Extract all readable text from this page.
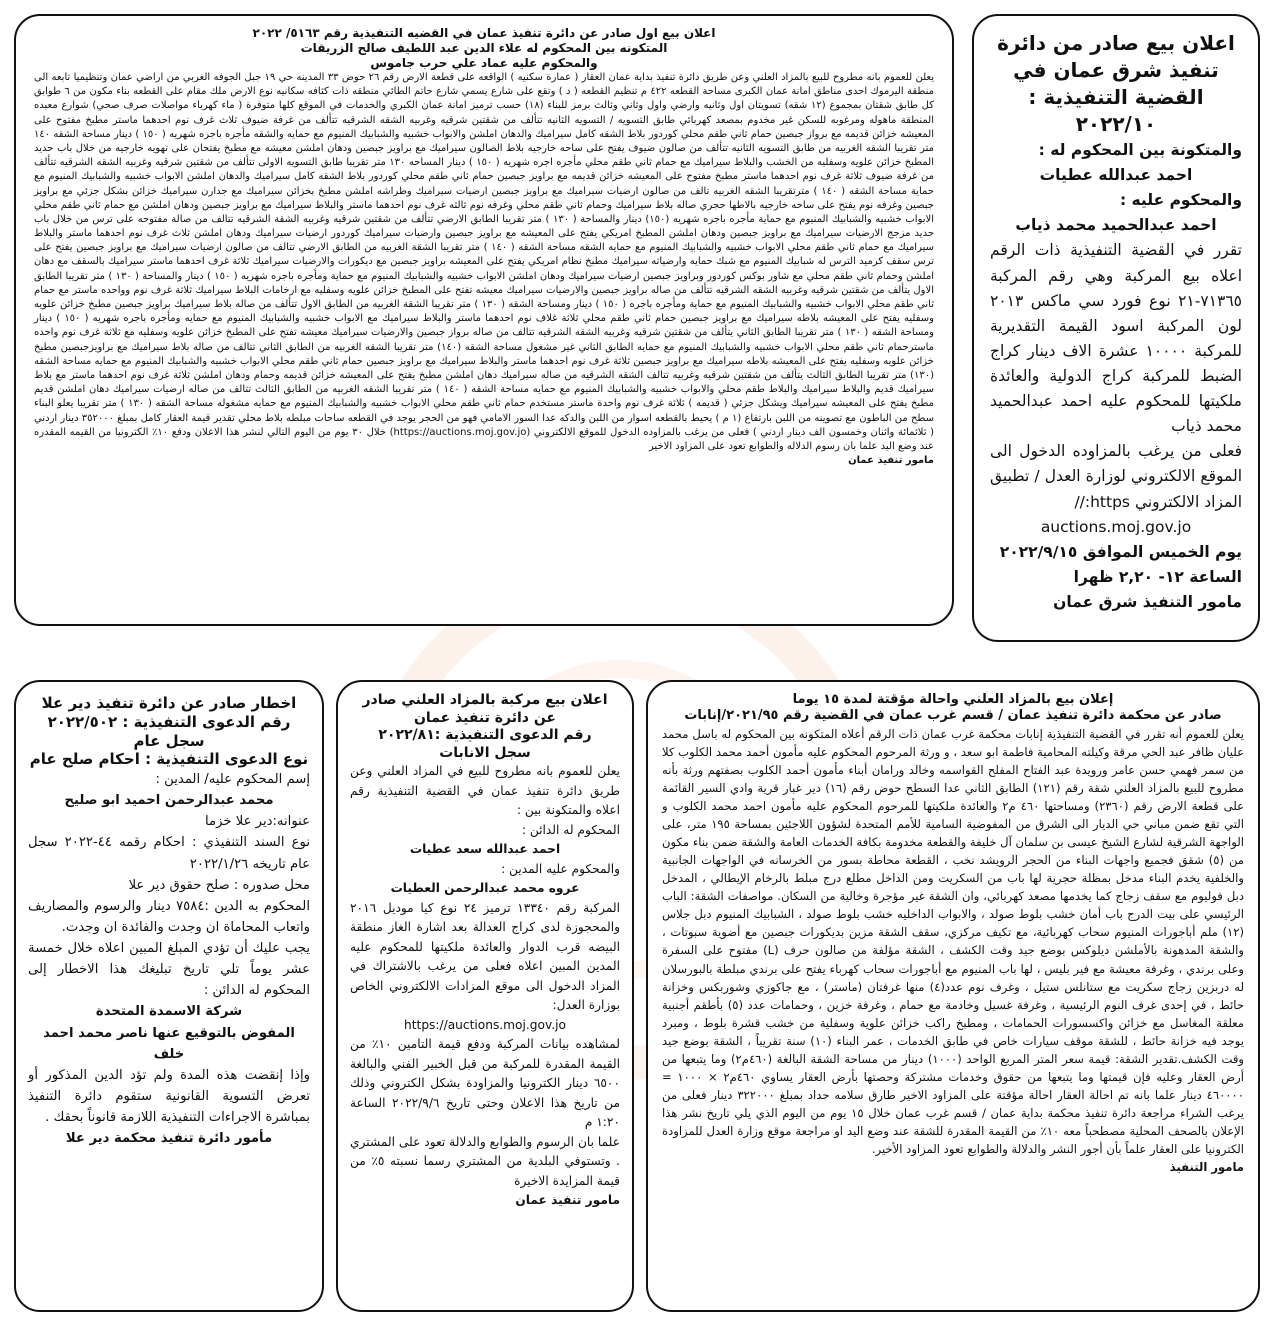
اعلان بيع اول صادر عن دائرة تنفيذ عمان في القضيه التنفيذية رقم ٥١٦٣/ ٢٠٢٢

المتكونه بين المحكوم له علاء الدين عبد اللطيف صالح الزريقات

والمحكوم عليه عماد علي حرب جاموس

يعلن للعموم بانه مطروح للبيع بالمزاد العلني وعن طريق دائرة تنفيذ بداية عمان العقار ( عمارة سكنيه ) الواقعه على قطعة الارض رقم ٢٦ حوض ٣٣ المدينه حي ١٩ جبل الجوفه الغربي من اراضي عمان وتنظيميا تابعه الى منطقة اليرموك احدى مناطق امانة عمان الكبرى مساحة القطعه ٤٢٢ م تنظيم القطعه ( د ) وتقع على شارع يسمي شارع حاتم الطائي منطقه ذات كثافه سكانيه نوع الارض ملك مقام على القطعه بناء مكون من ٦ طوابق كل طابق شقتان بمجموع (١٢ شقه) تسويتان اول وثانيه وارضي واول وثاني وثالث برمز للبناء (١٨) حسب ترميز امانة عمان الكبري والخدمات في الموقع كلها متوفرة ( ماء كهرباء مواصلات صرف صحي) شوارع معبده المنطقة ماهوله ومرغوبه للسكن غير مخدوم بمصعد كهربائي طابق التسويه / التسويه الثانيه تتألف من شقتين شرقيه وغربيه الشقه الشرقيه تتألف من غرفة ضيوف ثلاث غرف نوم احدهما ماستر مطبخ مفتوح على المعيشه خزائن قديمه مع برواز جبصين حمام ثاني طقم محلي كوردور بلاط الشقه كامل سيراميك والدهان املشن والابواب خشبيه والشبابيك المنيوم مع حمايه والشقه مأجره باجره شهريه ( ١٥٠ ) دينار مساحة الشقه ١٤٠ متر تقريبا الشقه الغربيه من طابق التسويه الثانيه تتألف من صالون ضيوف يفتح على ساحه خارجيه بلاط الصالون سيراميك مع براويز جبصين ودهان املشن معيشه مع مطبخ يفتحان على تهويه خارجيه من خلال باب حديد المطبخ خزائن علويه وسفليه من الخشب والبلاط سيراميك مع حمام ثاني طقم محلي مأجره اجره شهريه ( ١٥٠ ) دينار المساحه ١٣٠ متر تقريبا طابق التسويه الاولى تتألف من شقتين شرقيه وغربيه الشقه الشرقيه تتألف من غرفة ضيوف ثلاثة غرف نوم احدهما ماستر مطبخ مفتوح على المعيشه خزائن قديمه مع براويز جبصين حمام ثاني طقم محلي كوردور بلاط الشقه كامل سيراميك والدهان املشن الابواب خشبيه والشبابيك المنيوم مع حماية مساحة الشقه ( ١٤٠ ) مترتقريبا الشقه الغربيه تالف من صالون ارضيات سيراميك مع براويز جبصين ارضيات سيراميك وطراشه املشن مطبخ بخزائن سيراميك مع جدارن سيراميك خزائن بشكل جزئي مع براويز جبصين وغرفه نوم يفتح على ساحه خارجيه بالاطها حجري صاله بلاط سيراميك وحمام ثاني طقم محلي وغرفه نوم ثالثه غرف نوم احدهما ماستر والبلاط سيراميك مع براويز جبصين ودهان املشن مع حمام ثاني طقم محلي الابواب خشبيه والشبابيك المنيوم مع حماية مأجره باجره شهريه (١٥٠) دينار والمساحة ( ١٣٠ ) متر تقريبا الطابق الارضي تتألف من شقتين شرقيه وغربيه الشقة الشرقيه تتالف من صالة مفتوحه على ترس من خلال باب حديد مزجج الارضيات سيراميك مع براويز جبصين ودهان املشن المطبخ امريكي يفتح على المعيشه مع براويز جبصين وارضيات سيراميك كوردور ارضيات سيراميك ودهان املشن ثلاث غرف نوم احدهما ماستر والبلاط سيراميك مع حمام ثاني طقم محلي الابواب خشبيه والشبابيك المنيوم مع حمايه الشقه مساحة الشقه ( ١٤٠ ) متر تقريبا الشقة الغربيه من الطابق الارضي تتالف من صالون ارضيات سيراميك مع براويز جبصين يفتح على ترس سقف كرميد الترس له شبابيك المنيوم مع شبك حمايه وارضياته سيراميك مطبخ نظام امريكي يفتح على المعيشه براويز جبصين مع ديكورات والارضيات سيراميك ثلاثة غرف احدهما ماستر سيراميك بالسقف مع دهان املشن وحمام ثاني طقم محلي مع شاور بوكس كوردور وبراويز جبصين ارضيات سيراميك ودهان املشن الابواب خشبيه والشبابيك المنيوم مع حماية ومأجره باجره شهريه ( ١٥٠ ) دينار والمساحة ( ١٣٠ ) متر تقريبا الطابق الاول يتألف من شقتين شرقيه وغربيه الشقه الشرقيه تتألف من صاله براويز جبصين والارضيات سيراميك معيشه تفتح على المطبخ خزائن علويه وسفليه مع ارخامات البلاط سيراميك ثلاثة غرف نوم وواحده ماستر مع حمام ثاني طقم محلي الابواب خشبيه والشبابيك المنيوم مع حماية ومأجره باجره ( ١٥٠ ) دينار ومساحة الشقه ( ١٣٠ ) متر تقريبا الشقة الغربيه من الطابق الاول تتألف من صاله بلاط سيراميك براويز جبصين مطبخ خزائن علويه وسفليه يفتح على المعيشه بلاطه سيراميك مع براويز جبصين حمام ثاني طقم محلي ثلاثة غلاف نوم احدهما ماستر والبلاط سيراميك مع الابواب خشبيه والشبابيك المنيوم مع حمايه ومأجره باجره شهريه ( ١٥٠ ) دينار ومساحة الشقه ( ١٣٠ ) متر تقريبا الطابق الثاني يتألف من شقتين شرقيه وغربيه الشقه الشرقيه تتالف من صاله برواز جبصين والارضيات سيراميك معيشه تفتح على المطبخ خزائن علويه وسفليه مع ثلاثة غرف نوم واحده ماسترحمام ثاني طقم محلي الابواب خشبيه والشبابيك المنيوم مع حمايه الطابق الثاني غير مشغول مساحة الشقه (١٤٠) متر تقريبا الشقه الغربيه من الطابق الثاني تتالف من صاله بلاط سيراميك مع براويزجبصين مطبخ خزائن علويه وسفليه يفتح على المعيشه بلاطه سيراميك مع براويز جبصين ثلاثة غرف نوم احدهما ماستر والبلاط سيراميك مع براويز جبصين حمام ثاني طقم محلي الابواب خشبيه والشبابيك المنيوم مع حمايه مساحة الشقه (١٣٠) متر تقريبا الطابق الثالث يتألف من شقتين شرقيه وغربيه تتالف الشقه الشرقيه من صاله سيراميك دهان املشن مطبخ يفتح على المعيشه خزائن قديمه وحمام ودهان املشن ثلاثة غرف نوم احدهما ماستر مع بلاط سيراميك قديم والبلاط سيراميك والبلاط طقم محلي والابواب خشبيه والشبابيك المنيوم مع حمايه مساحة الشقه ( ١٤٠ ) متر تقريبا الشقه الغربيه من الطابق الثالث تتالف من صاله ارضيات سيراميك دهان املشن قديم مطبخ يفتح على المعيشه سيراميك ويشكل جزئي ( قديمه ) ثلاثة غرف نوم واحدة ماستر مستخدم حمام ثاني طقم محلي الابواب خشبيه والشبابيك المنيوم مع حمايه مشغوله مساحة الشقه ( ١٣٠ ) متر تقريبا يعلو البناء سطح من الباطون مع تصوينه من اللبن بارتفاع (١ م ) يحيط بالقطعه اسوار من اللبن والدكه عدا السور الامامي فهو من الحجر يوجد في القطعه ساحات مبلطه بلاط محلي تقدير قيمة العقار كامل بمبلغ ٣٥٢٠٠٠ دينار اردني ( ثلاثمائة واثنان وخمسون الف دينار اردني ) فعلى من يرغب بالمزاوده الدخول للموقع الالكتروني (https://auctions.moj.gov.jo) خلال ٣٠ يوم من اليوم التالي لنشر هذا الاعلان ودفع ١٠٪ الكترونيا من القيمه المقدره عند وضع اليد علما بان رسوم الدلاله والطوابع تعود على المزاود الاخير

مامور تنفيذ عمان

اعلان بيع صادر من دائرة تنفيذ شرق عمان في القضية التنفيذية : ٢٠٢٢/١٠

والمتكونة بين المحكوم له :

احمد عبدالله عطيات

والمحكوم عليه :

احمد عبدالحميد محمد ذياب

تقرر في القضية التنفيذية ذات الرقم اعلاه بيع المركبة وهي رقم المركبة ٧١٣٦٥-٢١ نوع فورد سي ماكس ٢٠١٣ لون المركبة اسود القيمة التقديرية للمركبة ١٠٠٠٠ عشرة الاف دينار كراج الضبط للمركبة كراج الدولية والعائدة ملكيتها للمحكوم عليه احمد عبدالحميد محمد ذياب

فعلى من يرغب بالمزاوده الدخول الى الموقع الالكتروني لوزارة العدل / تطبيق المزاد الالكتروني https://

auctions.moj.gov.jo

يوم الخميس الموافق ٢٠٢٢/٩/١٥

الساعة ١٢- ٢,٢٠ ظهرا

مامور التنفيذ شرق عمان

إعلان بيع بالمزاد العلني واحالة مؤقتة لمدة ١٥ يوما

صادر عن محكمة دائرة تنفيذ عمان / قسم غرب عمان في القضية رقم ٢٠٢١/٩٥/إنابات

يعلن للعموم أنه تقرر في القضية التنفيذية إنابات محكمة غرب عمان ذات الرقم أعلاه المتكونه بين المحكوم له باسل محمد عليان ظافر عبد الحي مرقة وكيلته المحامية فاطمة ابو سعد ، و ورثة المرحوم المحكوم عليه مأمون أحمد محمد الكلوب كلا من سمر فهمي حسن عامر ورويدة عبد الفتاح المفلح القواسمه وخالد ورامان أبناء مأمون أحمد الكلوب بصفتهم ورثة بأنه مطروح للبيع بالمزاد العلني شقة رقم (١٢١) الطابق الثاني عدا السطح حوض رقم (١٦) دير غبار قرية وادي السير القائمة على قطعة الارض رقم (٢٣٦٠) ومساحتها ٤٦٠ م٢ والعائدة ملكيتها للمرحوم المحكوم عليه مأمون احمد محمد الكلوب و التي تقع ضمن مباني حي الديار الى الشرق من المفوضية السامية للأمم المتحدة لشؤون اللاجئين بمساحة ١٩٥ متر، على الواجهة الشرقية لشارع الشيخ عيسى بن سلمان آل خليفة والقطعة مخدومة بكافة الخدمات العامة والشقة ضمن بناء مكون من (٥) شقق فجميع واجهات البناء من الحجر الرويشد نخب ، القطعة محاطة بسور من الخرسانه في الواجهات الجانبية والخلفية يخدم البناء مدخل بمظلة حجرية لها باب من السكريت ومن الداخل مطلع درج مبلط بالرخام الإيطالي ، المدخل دبل فوليوم مع سقف زجاج كما يخدمها مصعد كهربائي، وان الشقة غير مؤجرة وخالية من السكان. مواصفات الشقة: الباب الرئيسي على بيت الدرج باب أمان خشب بلوط صولد ، والابواب الداخليه خشب بلوط صولد ، الشبابيك المنيوم دبل جلاس (١٢) ملم أباجورات المنيوم سحاب كهربائية، مع تكيف مركزي، سقف الشقة مزين بديكورات جبصين مع أضوية سبوتات ، والشقة المدهونة بالأملشن ديلوكس بوضع جيد وقت الكشف ، الشقة مؤلفة من صالون حرف (L) مفتوح على السفرة وعلى برندي ، وغرفة معيشة مع فير بليس ، لها باب المنيوم مع أباجورات سحاب كهرباء يفتح على برندي مبلطة بالبورسلان له دربزين زجاج سكريت مع ستانلس ستيل ، وغرف نوم عدد(٤) منها غرفتان (ماستر) ، مع جاكوزي وشوربكس وخزانة حائط ، في إحدى غرف النوم الرئيسية ، وغرفة غسيل وخادمة مع حمام ، وغرفة خزين ، وحمامات عدد (٥) بأطقم أجنبية معلقة المغاسل مع خزائن واكسسورات الحمامات ، ومطبخ راكب خزائن علوية وسفلية من خشب قشرة بلوط ، ومبرد يوجد فيه خزانة حائط ، للشقة موقف سيارات خاص في طابق الخدمات ، عمر البناء (١٠) سنة تقريباً ، الشقة بوضع جيد وقت الكشف.تقدير الشقة: قيمة سعر المتر المربع الواحد (١٠٠٠) دينار من مساحة الشقة البالغة (٤٦٠م٢) وما يتبعها من أرض العقار وعليه فإن قيمتها وما يتبعها من حقوق وخدمات مشتركة وحصتها بأرض العقار يساوي ٤٦٠م٢ × ١٠٠٠ = ٤٦٠٠٠٠ دينار علما بانه تم احالة العقار احالة مؤقتة على المزاود الاخير طارق سلامه حداد بمبلغ ٣٢٢٠٠٠ دينار فعلى من يرغب الشراء مراجعة دائرة تنفيذ محكمة بداية عمان / قسم غرب عمان خلال ١٥ يوم من اليوم الذي يلي تاريخ نشر هذا الإعلان بالصحف المحلية مصطحباً معه ١٠٪ من القيمة المقدرة للشقة عند وضع اليد او مراجعة موقع وزارة العدل للمزاودة الكترونيا على العقار علماً بأن أجور النشر والدلالة والطوابع تعود المزاود الأخير.

مامور التنفيذ

اعلان بيع مركبة بالمزاد العلني صادر عن دائرة تنفيذ عمان

رقم الدعوى التنفيذية :٢٠٢٢/٨١

سجل الانابات

يعلن للعموم بانه مطروح للبيع في المزاد العلني وعن طريق دائرة تنفيذ عمان في القضية التنفيذية رقم اعلاه والمتكونة بين :

المحكوم له الدائن :

احمد عبدالله سعد عطيات

والمحكوم عليه المدين :

عروه محمد عبدالرحمن العطيات

المركبة رقم ١٣٣٤٠ ترميز ٢٤ نوع كيا موديل ٢٠١٦ والمحجوزة لدى كراج العدالة بعد اشارة الغاز منطقة البيضه قرب الدوار والعائدة ملكيتها للمحكوم عليه المدين المبين اعلاه فعلى من يرغب بالاشتراك في المزاد الدخول الى موقع المزادات الالكتروني الخاص بوزارة العدل:

https://auctions.moj.gov.jo

لمشاهده بيانات المركبة ودفع قيمة التامين ١٠٪ من القيمة المقدرة للمركبة من قبل الخبير الفني والبالغة ٦٥٠٠ دينار الكترونيا والمزاودة بشكل الكتروني وذلك من تاريخ هذا الاعلان وحتى تاريخ ٢٠٢٢/٩/٦ الساعة ١:٢٠ م

علما بان الرسوم والطوابع والدلالة تعود على المشتري . وتستوفي البلدية من المشتري رسما نسبته ٥٪ من قيمة المزايدة الاخيرة

مامور تنفيذ عمان

اخطار صادر عن دائرة تنفيذ دير علا

رقم الدعوى التنفيذية : ٢٠٢٢/٥٠٢ سجل عام

نوع الدعوى التنفيذية : احكام صلح عام

إسم المحكوم عليه/ المدين :

محمد عبدالرحمن احميد ابو صليح

عنوانه:دير علا خزما

نوع السند التنفيذي : احكام رقمه ٤٤-٢٠٢٢ سجل عام تاريخه ٢٠٢٢/١/٢٦

محل صدوره : صلح حقوق دير علا

المحكوم به الدين :٧٥٨٤ دينار والرسوم والمصاريف واتعاب المحاماة ان وجدت والفائدة ان وجدت.

يجب عليك أن تؤدي المبلغ المبين اعلاه خلال خمسة عشر يوماً تلي تاريخ تبليغك هذا الاخطار إلى المحكوم له الدائن :

شركة الاسمدة المتحدة

المفوض بالتوقيع عنها ناصر محمد احمد خلف

وإذا إنقضت هذه المدة ولم تؤد الدين المذكور أو تعرض التسوية القانونية ستقوم دائرة التنفيذ بمباشرة الاجراءات التنفيذية اللازمة قانوناً بحقك .

مأمور دائرة تنفيذ محكمة دير علا
